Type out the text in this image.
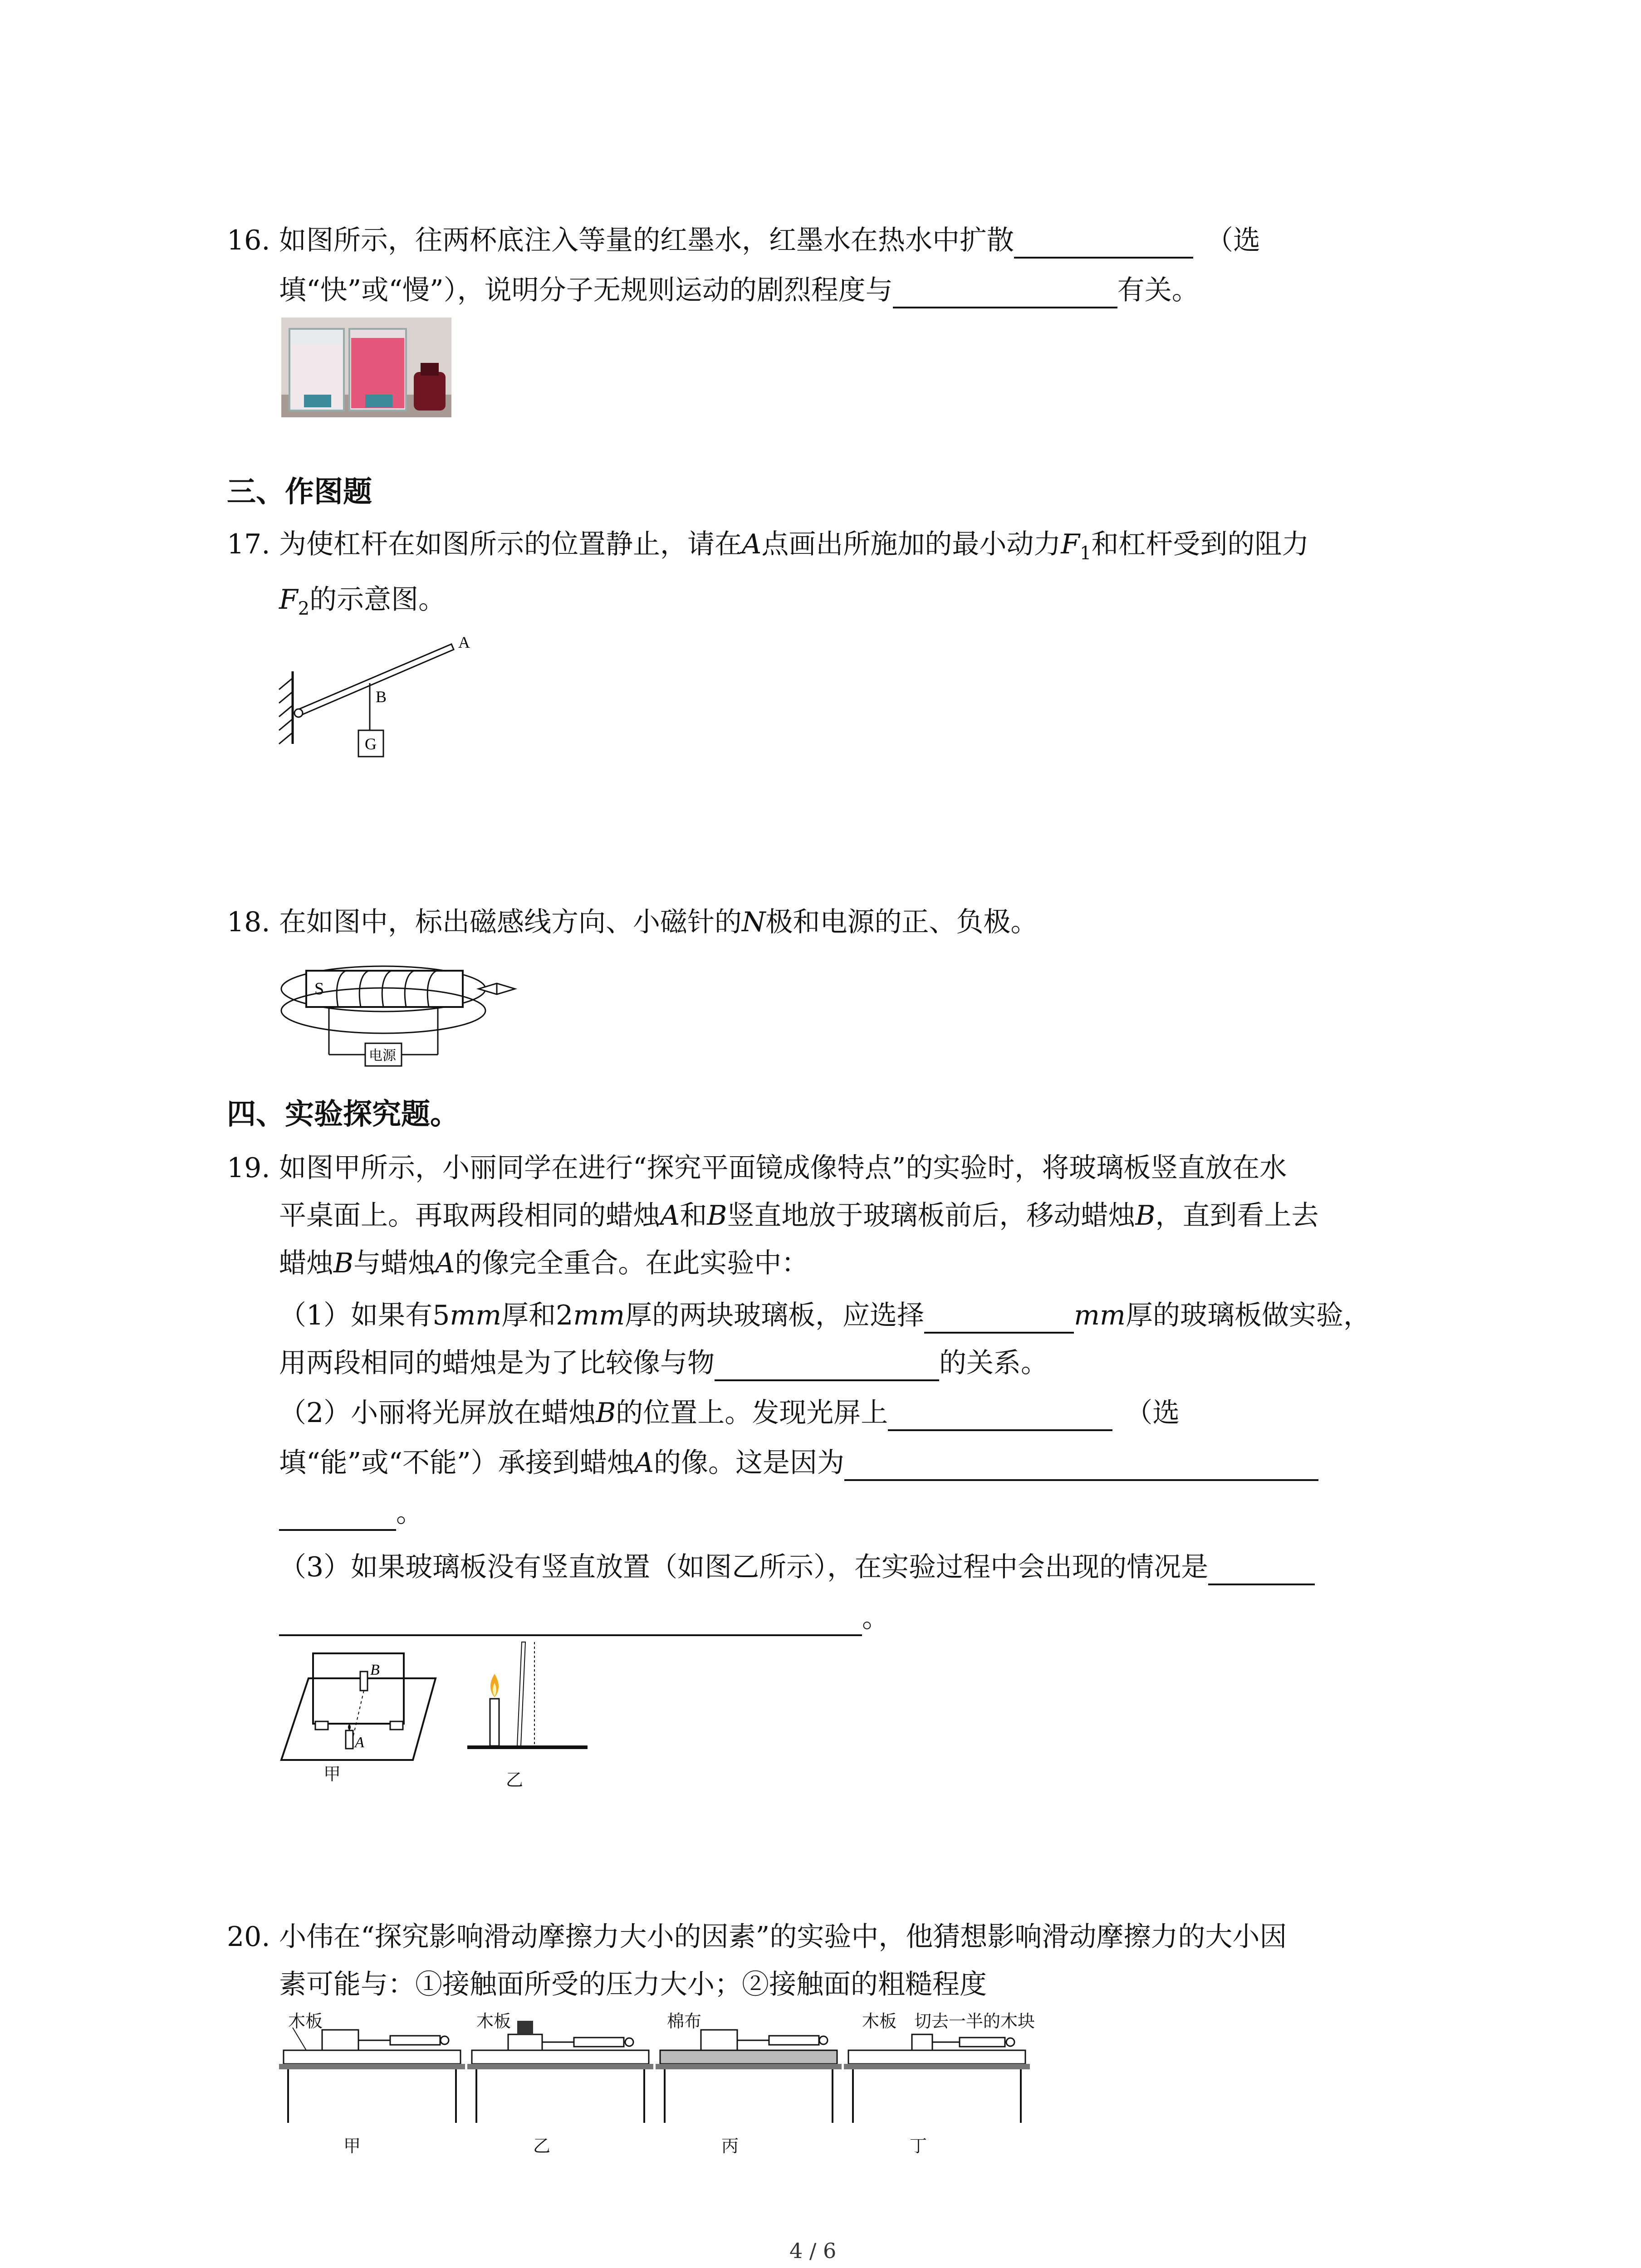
16. 如图所示，往两杯底注入等量的红墨水，红墨水在热水中扩散	（选
填“快”或“慢”），说明分子无规则运动的剧烈程度与	有关。
三、作图题
17. 为使杠杆在如图所示的位置静止，请在A点画出所施加的最小动力$F_1$和杠杆受到的阻力
$F_2$的示意图。
A
B
G
18. 在如图中，标出磁感线方向、小磁针的N极和电源的正、负极。
S
电源
四、实验探究题。
19. 如图甲所示，小丽同学在进行“探究平面镜成像特点”的实验时，将玻璃板竖直放在水
平桌面上。再取两段相同的蜡烛A和B竖直地放于玻璃板前后，移动蜡烛B，直到看上去
蜡烛B与蜡烛A的像完全重合。在此实验中：
（1）如果有5mm厚和2mm厚的两块玻璃板，应选择	mm厚的玻璃板做实验，
用两段相同的蜡烛是为了比较像与物	的关系。
（2）小丽将光屏放在蜡烛B的位置上。发现光屏上	（选
填“能”或“不能”）承接到蜡烛A的像。这是因为
。
（3）如果玻璃板没有竖直放置（如图乙所示），在实验过程中会出现的情况是
。
B
A
甲	乙
20. 小伟在“探究影响滑动摩擦力大小的因素”的实验中，他猜想影响滑动摩擦力的大小因
素可能与：①接触面所受的压力大小；②接触面的粗糙程度
木板	木板	棉布	木板 切去一半的木块
甲	乙	丙	丁
4 / 6
